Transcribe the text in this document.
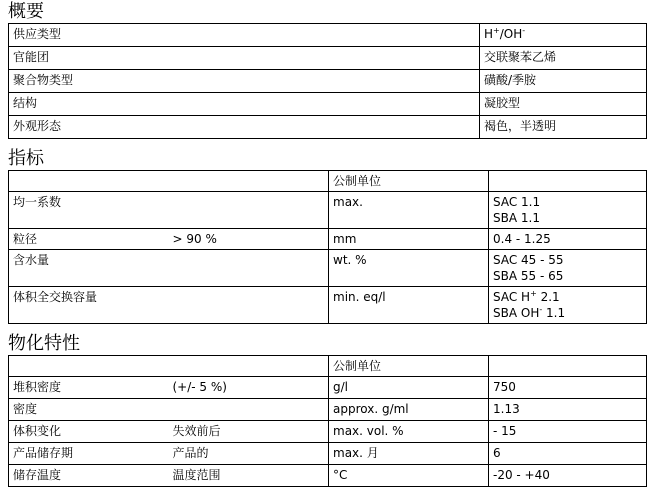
概要
供应类型	H+/OH-
官能团	交联聚苯乙烯
聚合物类型	磺酸/季胺
结构	凝胶型
外观形态	褐色，半透明
指标
		公制单位	
均一系数		max.	SAC 1.1
SBA 1.1

粒径	> 90 %	mm	0.4 - 1.25

含水量		wt. %	SAC 45 - 55
SBA 55 - 65

体积全交换容量		min. eq/l	SAC H+ 2.1
SBA OH- 1.1
物化特性
		公制单位	
堆积密度	(+/- 5 %)	g/l	750
密度		approx. g/ml	1.13
体积变化	失效前后	max. vol. %	- 15
产品储存期	产品的	max. 月	6
储存温度	温度范围	°C	-20 - +40
